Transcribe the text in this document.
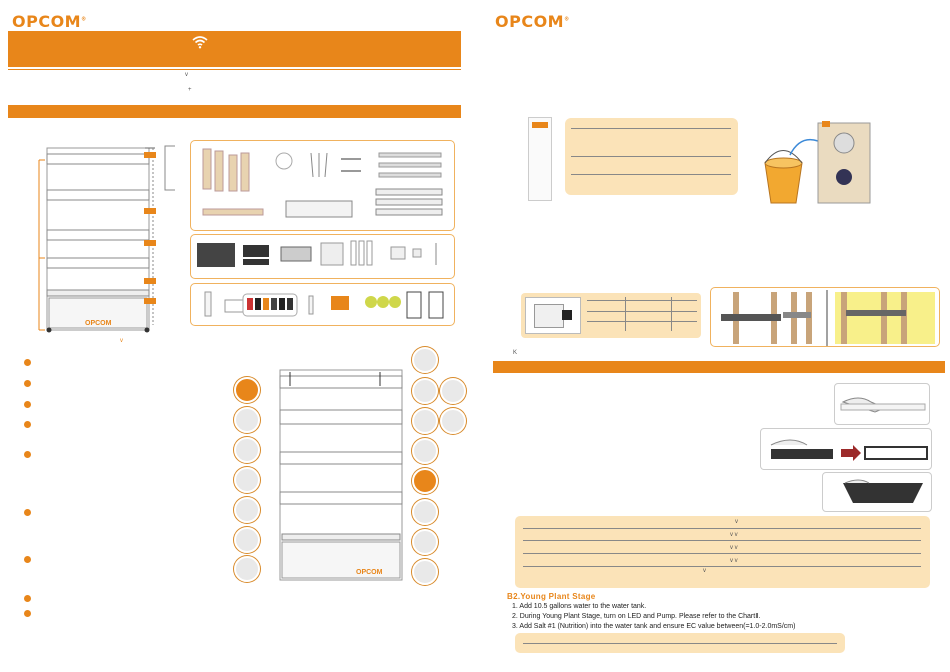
OPCOM®
v
+
OPCOM
v
OPCOM
OPCOM®
K
v
v v
v v
v v
v
B2.Young Plant Stage
1. Add 10.5 gallons water to the water tank.
2. During Young Plant Stage, turn on LED and Pump. Please refer to the ChartⅡ.
3. Add Salt #1 (Nutrition) into the water tank and ensure EC value between(=1.0-2.0mS/cm)
